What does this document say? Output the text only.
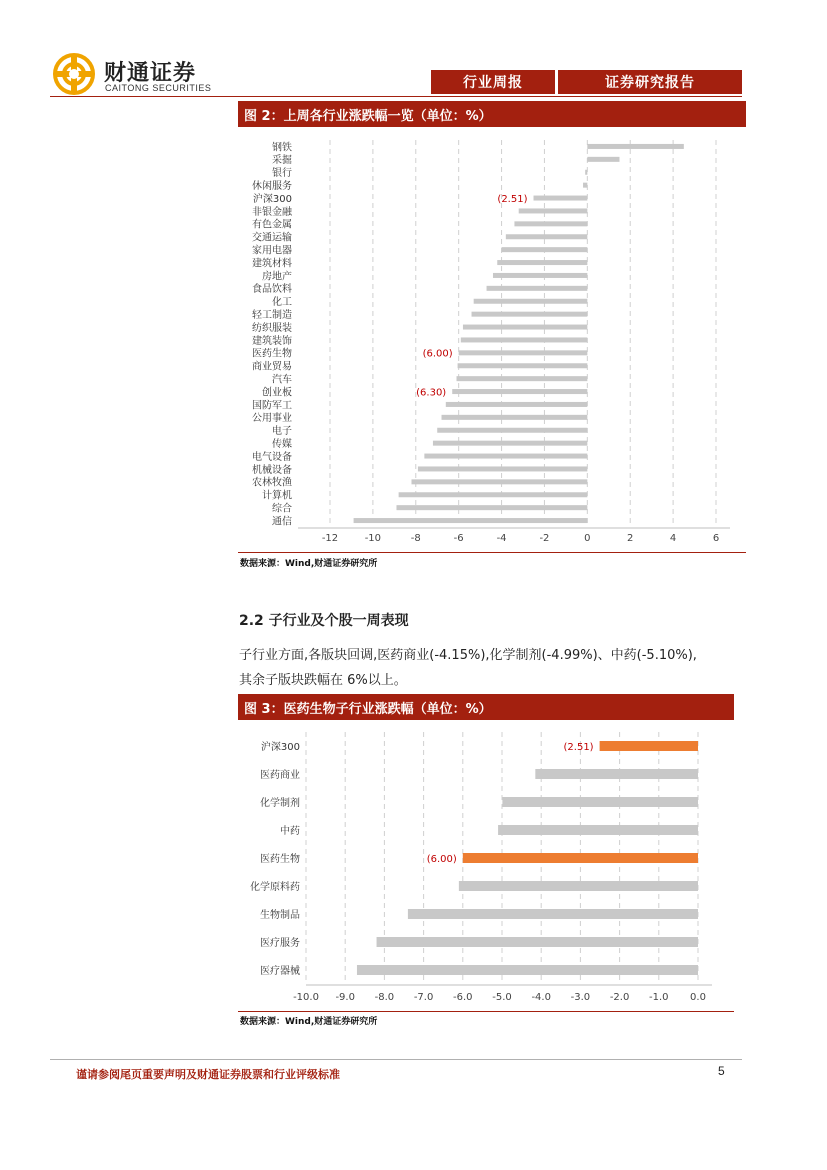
财通证券
CAITONG SECURITIES	行业周报	证券研究报告
图 2：上周各行业涨跌幅一览（单位：%）
-12	-10	-8	-6	-4	-2	0	2	4	6
钢铁
采掘
银行
休闲服务
沪深300	(2.51)
非银金融
有色金属
交通运输
家用电器
建筑材料
房地产
食品饮料
化工
轻工制造
纺织服装
建筑装饰
医药生物	(6.00)
商业贸易
汽车
创业板	(6.30)
国防军工
公用事业
电子
传媒
电气设备
机械设备
农林牧渔
计算机
综合
通信
数据来源：Wind,财通证券研究所
2.2 子行业及个股一周表现
子行业方面,各版块回调,医药商业(-4.15%),化学制剂(-4.99%)、中药(-5.10%),
其余子版块跌幅在 6%以上。
图 3：医药生物子行业涨跌幅（单位：%）
-10.0 -9.0 -8.0 -7.0 -6.0 -5.0 -4.0 -3.0 -2.0 -1.0 0.0
沪深300	(2.51)
医药商业
化学制剂
中药
医药生物	(6.00)
化学原料药
生物制品
医疗服务
医疗器械
数据来源：Wind,财通证券研究所
谨请参阅尾页重要声明及财通证券股票和行业评级标准	5
